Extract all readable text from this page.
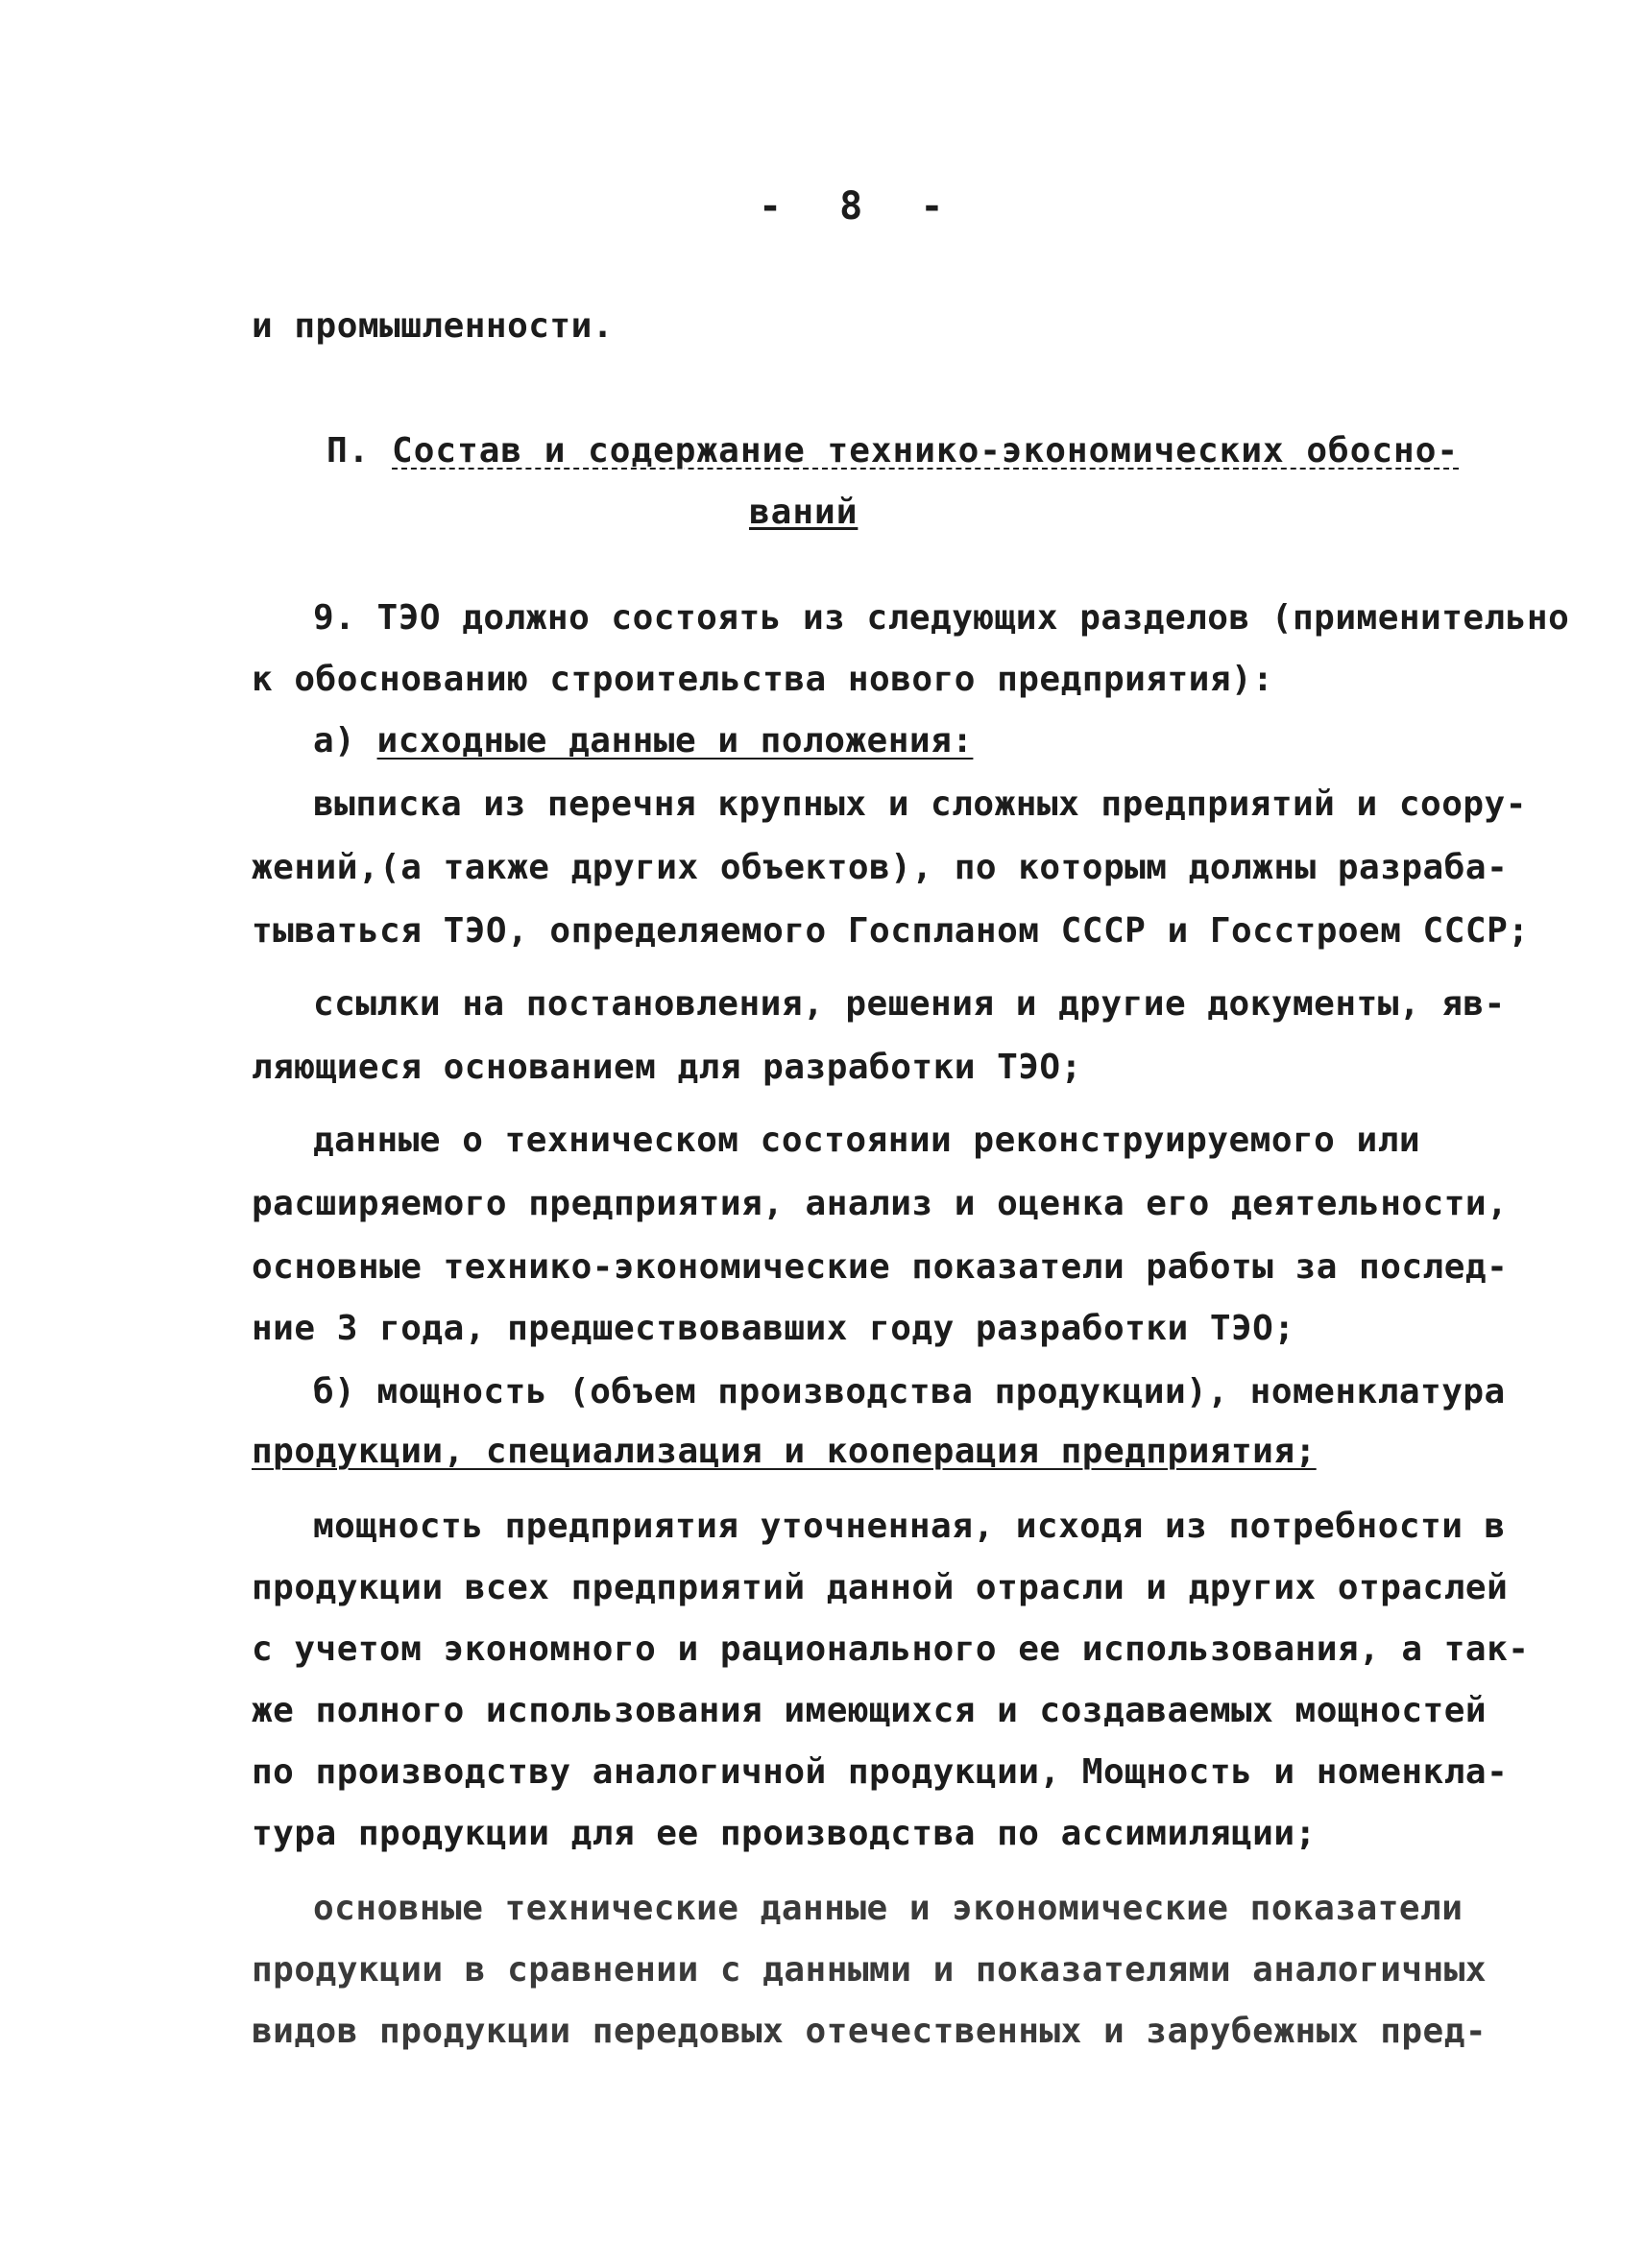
- 8 -
и промышленности.
П. Состав и содержание технико-экономических обосно-
ваний
9. ТЭО должно состоять из следующих разделов (применительно
к обоснованию строительства нового предприятия):
а) исходные данные и положения:
выписка из перечня крупных и сложных предприятий и соору-
жений,(а также других объектов), по которым должны разраба-
тываться ТЭО, определяемого Госпланом СССР и Госстроем СССР;
ссылки на постановления, решения и другие документы, яв-
ляющиеся основанием для разработки ТЭО;
данные о техническом состоянии реконструируемого или
расширяемого предприятия, анализ и оценка его деятельности,
основные технико-экономические показатели работы за послед-
ние 3 года, предшествовавших году разработки ТЭО;
б) мощность (объем производства продукции), номенклатура
продукции, специализация и кооперация предприятия;
мощность предприятия уточненная, исходя из потребности в
продукции всех предприятий данной отрасли и других отраслей
с учетом экономного и рационального ее использования, а так-
же полного использования имеющихся и создаваемых мощностей
по производству аналогичной продукции, Мощность и номенкла-
тура продукции для ее производства по ассимиляции;
основные технические данные и экономические показатели
продукции в сравнении с данными и показателями аналогичных
видов продукции передовых отечественных и зарубежных пред-
